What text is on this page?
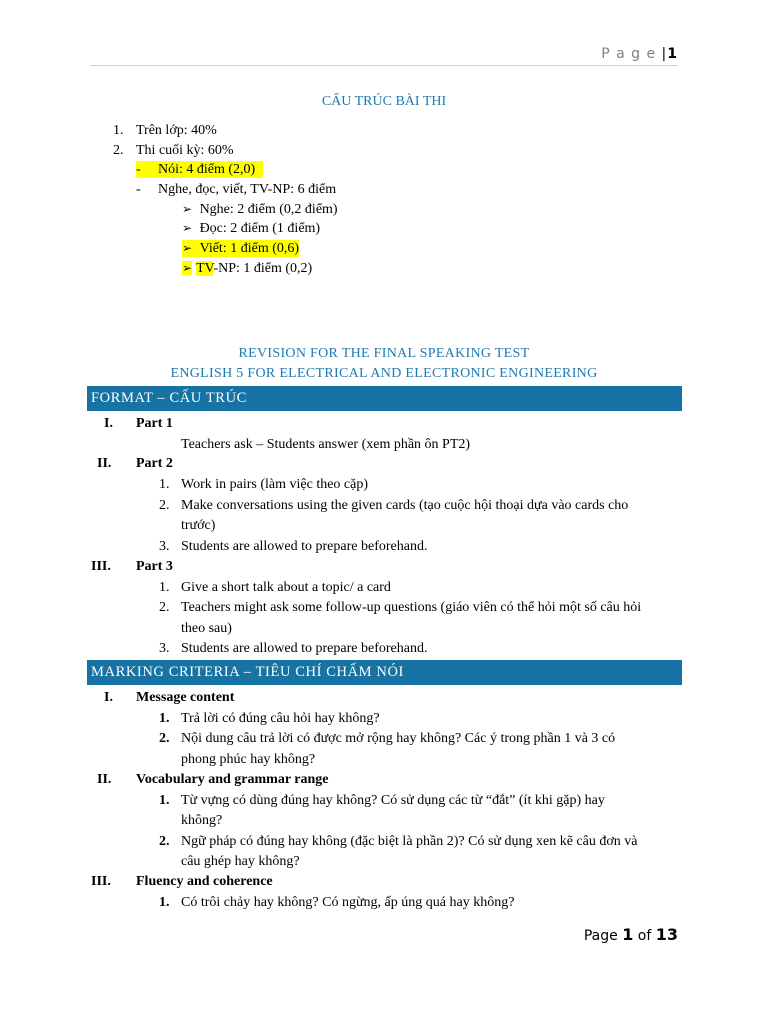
P a g e |1
CẤU TRÚC BÀI THI
1. Trên lớp: 40%
2. Thi cuối kỳ: 60%
- Nói: 4 điểm (2,0)
- Nghe, đọc, viết, TV-NP: 6 điểm
➢ Nghe: 2 điểm (0,2 điểm)
➢ Đọc: 2 điểm (1 điểm)
➢ Viết: 1 điểm (0,6)
➢ TV-NP: 1 điểm (0,2)
REVISION FOR THE FINAL SPEAKING TEST
ENGLISH 5 FOR ELECTRICAL AND ELECTRONIC ENGINEERING
FORMAT – CẤU TRÚC
I. Part 1
Teachers ask – Students answer (xem phần ôn PT2)
II. Part 2
1. Work in pairs (làm việc theo cặp)
2. Make conversations using the given cards (tạo cuộc hội thoại dựa vào cards cho
trước)
3. Students are allowed to prepare beforehand.
III. Part 3
1. Give a short talk about a topic/ a card
2. Teachers might ask some follow-up questions (giáo viên có thể hỏi một số câu hỏi
theo sau)
3. Students are allowed to prepare beforehand.
MARKING CRITERIA – TIÊU CHÍ CHẤM NÓI
I. Message content
1. Trả lời có đúng câu hỏi hay không?
2. Nội dung câu trả lời có được mở rộng hay không? Các ý trong phần 1 và 3 có
phong phúc hay không?
II. Vocabulary and grammar range
1. Từ vựng có dùng đúng hay không? Có sử dụng các từ “đắt” (ít khi gặp) hay
không?
2. Ngữ pháp có đúng hay không (đặc biệt là phần 2)? Có sử dụng xen kẽ câu đơn và
câu ghép hay không?
III. Fluency and coherence
1. Có trôi chảy hay không? Có ngừng, ấp úng quá hay không?
Page 1 of 13
